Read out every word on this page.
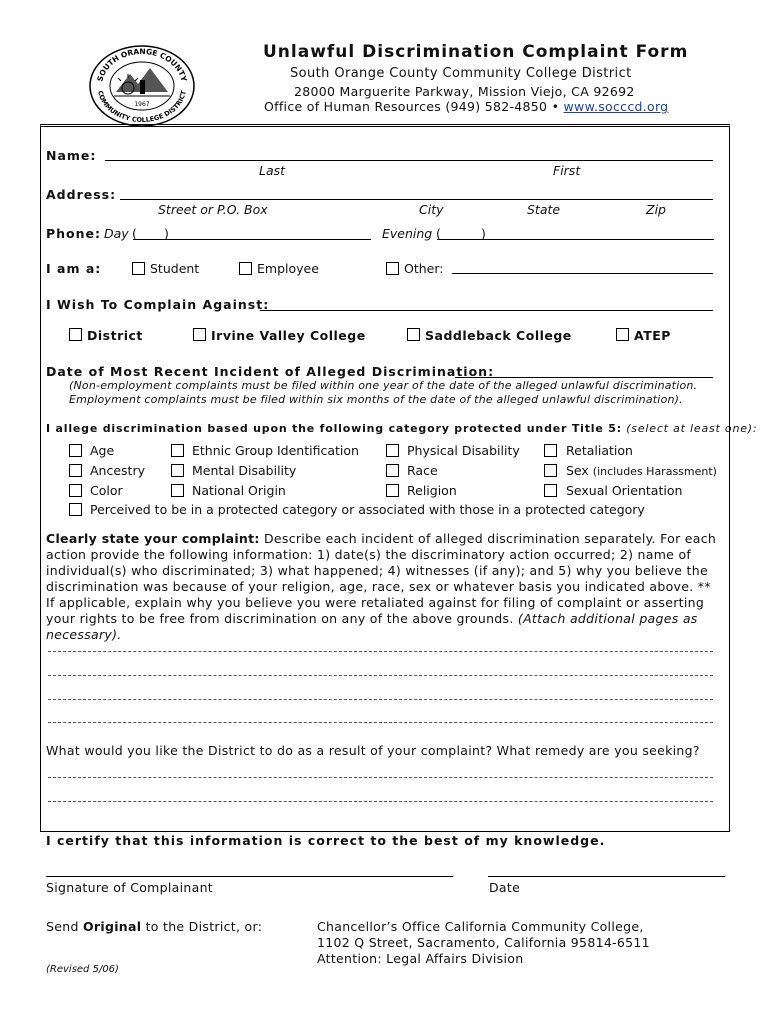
SOUTH ORANGE COUNTY
COMMUNITY COLLEGE DISTRICT
1967
Unlawful Discrimination Complaint Form
South Orange County Community College District
28000 Marguerite Parkway, Mission Viejo, CA 92692
Office of Human Resources (949) 582-4850 • www.socccd.org
Name:
Last	First
Address:
Street or P.O. Box	City	State	Zip
Phone: Day ( )	Evening (	)
I am a:	Student	Employee	Other:
I Wish To Complain Against:
District	Irvine Valley College	Saddleback College	ATEP
Date of Most Recent Incident of Alleged Discrimination:
(Non-employment complaints must be filed within one year of the date of the alleged unlawful discrimination.
Employment complaints must be filed within six months of the date of the alleged unlawful discrimination).
I allege discrimination based upon the following category protected under Title 5: (select at least one):
Age
Ancestry
Color
Ethnic Group Identification
Mental Disability
National Origin
Physical Disability
Race
Religion
Retaliation
Sex (includes Harassment)
Sexual Orientation
Perceived to be in a protected category or associated with those in a protected category
Clearly state your complaint: Describe each incident of alleged discrimination separately. For each action provide the following information: 1) date(s) the discriminatory action occurred; 2) name of individual(s) who discriminated; 3) what happened; 4) witnesses (if any); and 5) why you believe the discrimination was because of your religion, age, race, sex or whatever basis you indicated above. ** If applicable, explain why you believe you were retaliated against for filing of complaint or asserting your rights to be free from discrimination on any of the above grounds. (Attach additional pages as necessary).
What would you like the District to do as a result of your complaint? What remedy are you seeking?
I certify that this information is correct to the best of my knowledge.
Signature of Complainant	Date
Send Original to the District, or:	Chancellor’s Office California Community College,
1102 Q Street, Sacramento, California 95814-6511
Attention: Legal Affairs Division
(Revised 5/06)
